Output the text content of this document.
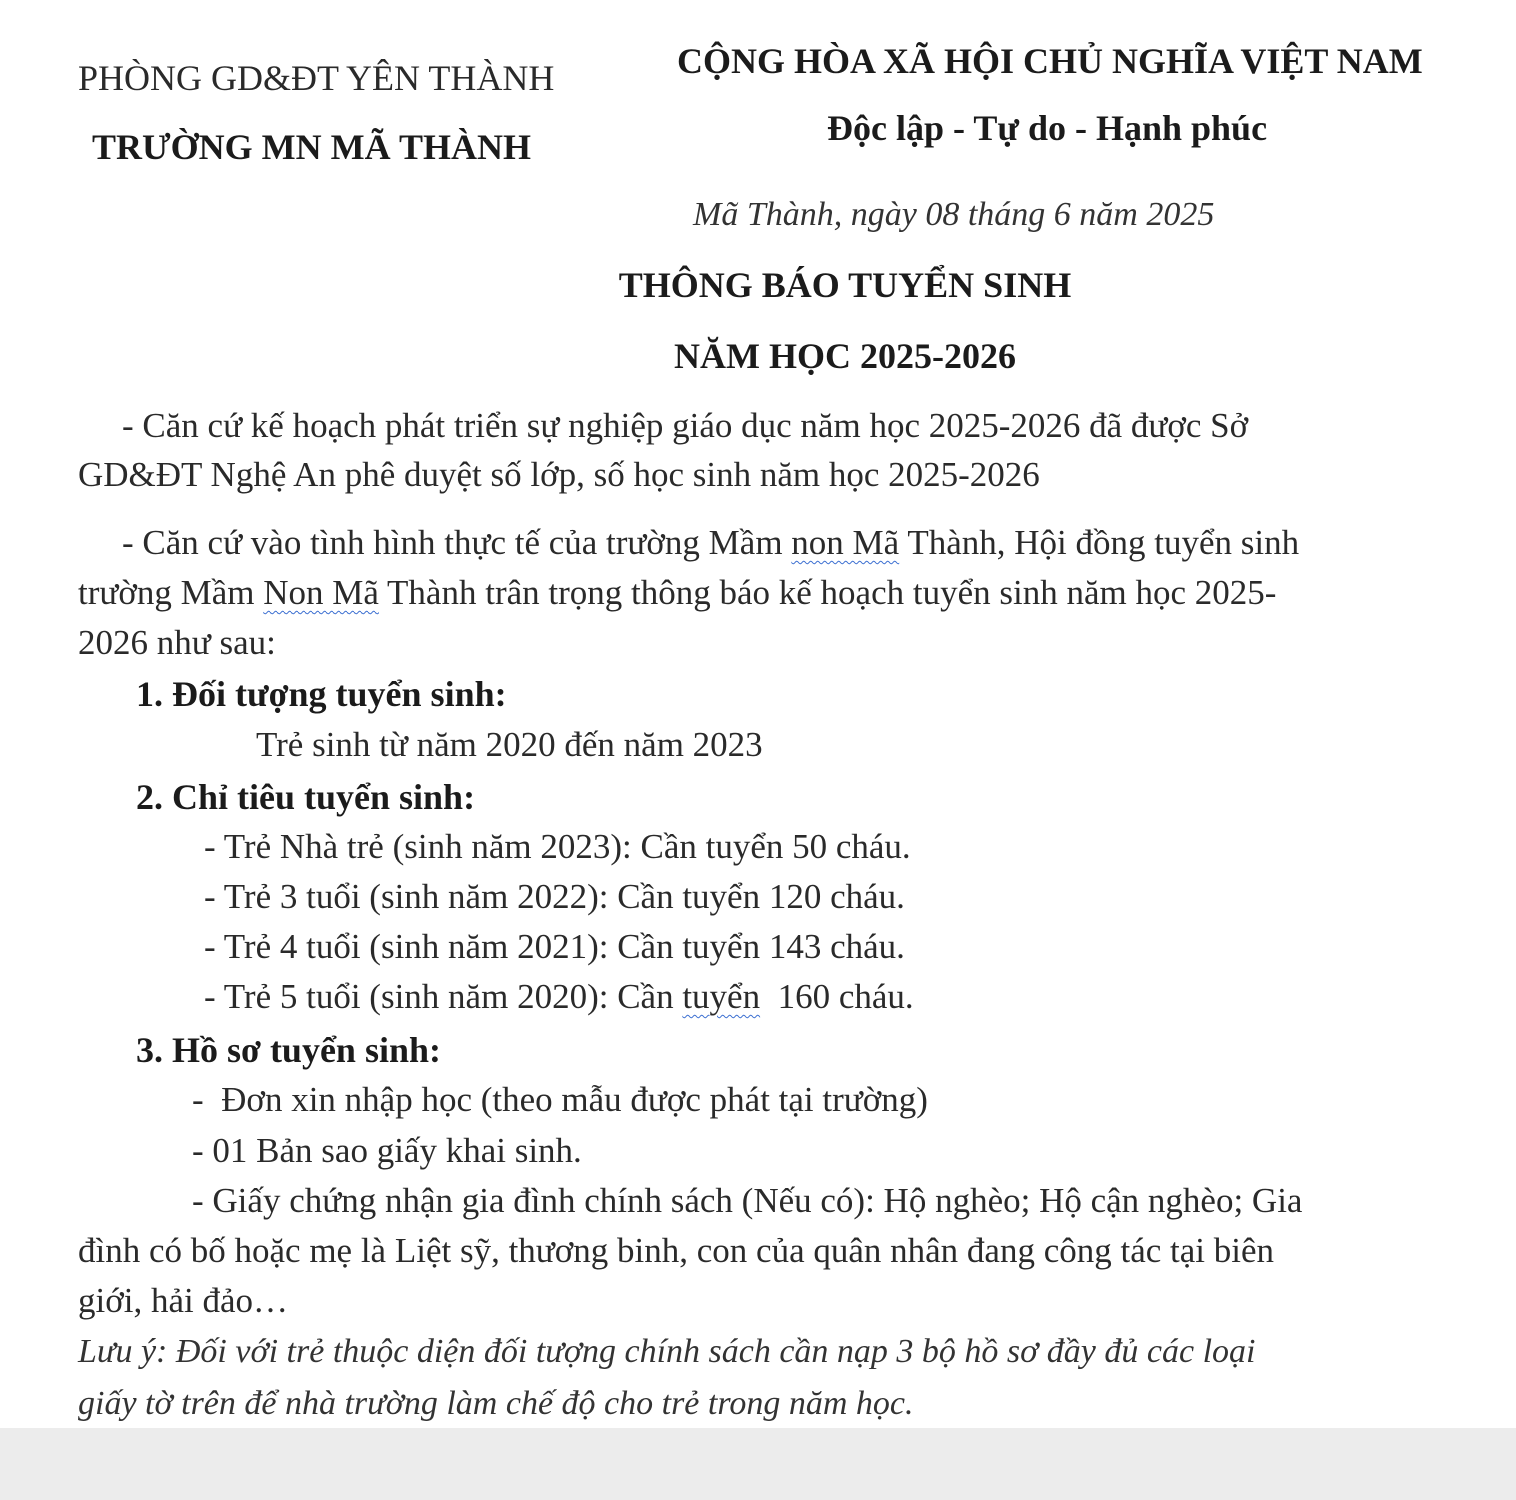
PHÒNG GD&ĐT YÊN THÀNH
TRƯỜNG MN MÃ THÀNH
CỘNG HÒA XÃ HỘI CHỦ NGHĨA VIỆT NAM
Độc lập - Tự do - Hạnh phúc
Mã Thành, ngày 08 tháng 6 năm 2025
THÔNG BÁO TUYỂN SINH
NĂM HỌC 2025-2026
- Căn cứ kế hoạch phát triển sự nghiệp giáo dục năm học 2025-2026 đã được Sở
GD&ĐT Nghệ An phê duyệt số lớp, số học sinh năm học 2025-2026
- Căn cứ vào tình hình thực tế của trường Mầm non Mã Thành, Hội đồng tuyển sinh
trường Mầm Non Mã Thành trân trọng thông báo kế hoạch tuyển sinh năm học 2025-
2026 như sau:
1. Đối tượng tuyển sinh:
Trẻ sinh từ năm 2020 đến năm 2023
2. Chỉ tiêu tuyển sinh:
- Trẻ Nhà trẻ (sinh năm 2023): Cần tuyển 50 cháu.
- Trẻ 3 tuổi (sinh năm 2022): Cần tuyển 120 cháu.
- Trẻ 4 tuổi (sinh năm 2021): Cần tuyển 143 cháu.
- Trẻ 5 tuổi (sinh năm 2020): Cần tuyển  160 cháu.
3. Hồ sơ tuyển sinh:
-  Đơn xin nhập học (theo mẫu được phát tại trường)
- 01 Bản sao giấy khai sinh.
- Giấy chứng nhận gia đình chính sách (Nếu có): Hộ nghèo; Hộ cận nghèo; Gia
đình có bố hoặc mẹ là Liệt sỹ, thương binh, con của quân nhân đang công tác tại biên
giới, hải đảo…
Lưu ý: Đối với trẻ thuộc diện đối tượng chính sách cần nạp 3 bộ hồ sơ đầy đủ các loại
giấy tờ trên để nhà trường làm chế độ cho trẻ trong năm học.
